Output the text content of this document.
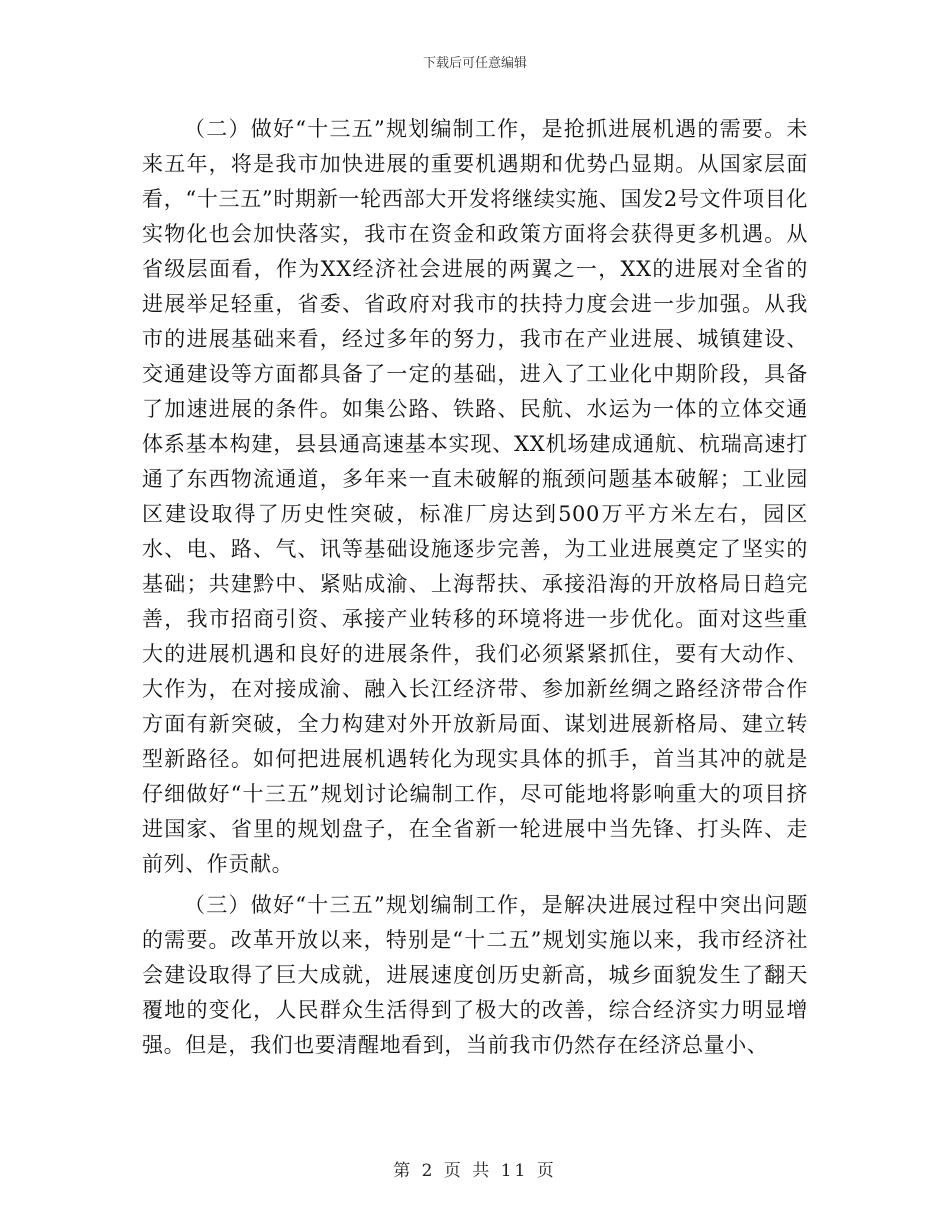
下载后可任意编辑

（二）做好“十三五”规划编制工作，是抢抓进展机遇的需要。未来五年，将是我市加快进展的重要机遇期和优势凸显期。从国家层面看，“十三五”时期新一轮西部大开发将继续实施、国发2号文件项目化实物化也会加快落实，我市在资金和政策方面将会获得更多机遇。从省级层面看，作为XX经济社会进展的两翼之一，XX的进展对全省的进展举足轻重，省委、省政府对我市的扶持力度会进一步加强。从我市的进展基础来看，经过多年的努力，我市在产业进展、城镇建设、交通建设等方面都具备了一定的基础，进入了工业化中期阶段，具备了加速进展的条件。如集公路、铁路、民航、水运为一体的立体交通体系基本构建，县县通高速基本实现、XX机场建成通航、杭瑞高速打通了东西物流通道，多年来一直未破解的瓶颈问题基本破解；工业园区建设取得了历史性突破，标准厂房达到500万平方米左右，园区水、电、路、气、讯等基础设施逐步完善，为工业进展奠定了坚实的基础；共建黔中、紧贴成渝、上海帮扶、承接沿海的开放格局日趋完善，我市招商引资、承接产业转移的环境将进一步优化。面对这些重大的进展机遇和良好的进展条件，我们必须紧紧抓住，要有大动作、大作为，在对接成渝、融入长江经济带、参加新丝绸之路经济带合作方面有新突破，全力构建对外开放新局面、谋划进展新格局、建立转型新路径。如何把进展机遇转化为现实具体的抓手，首当其冲的就是仔细做好“十三五”规划讨论编制工作，尽可能地将影响重大的项目挤进国家、省里的规划盘子，在全省新一轮进展中当先锋、打头阵、走前列、作贡献。

（三）做好“十三五”规划编制工作，是解决进展过程中突出问题的需要。改革开放以来，特别是“十二五”规划实施以来，我市经济社会建设取得了巨大成就，进展速度创历史新高，城乡面貌发生了翻天覆地的变化，人民群众生活得到了极大的改善，综合经济实力明显增强。但是，我们也要清醒地看到，当前我市仍然存在经济总量小、

第 2 页 共 11 页
